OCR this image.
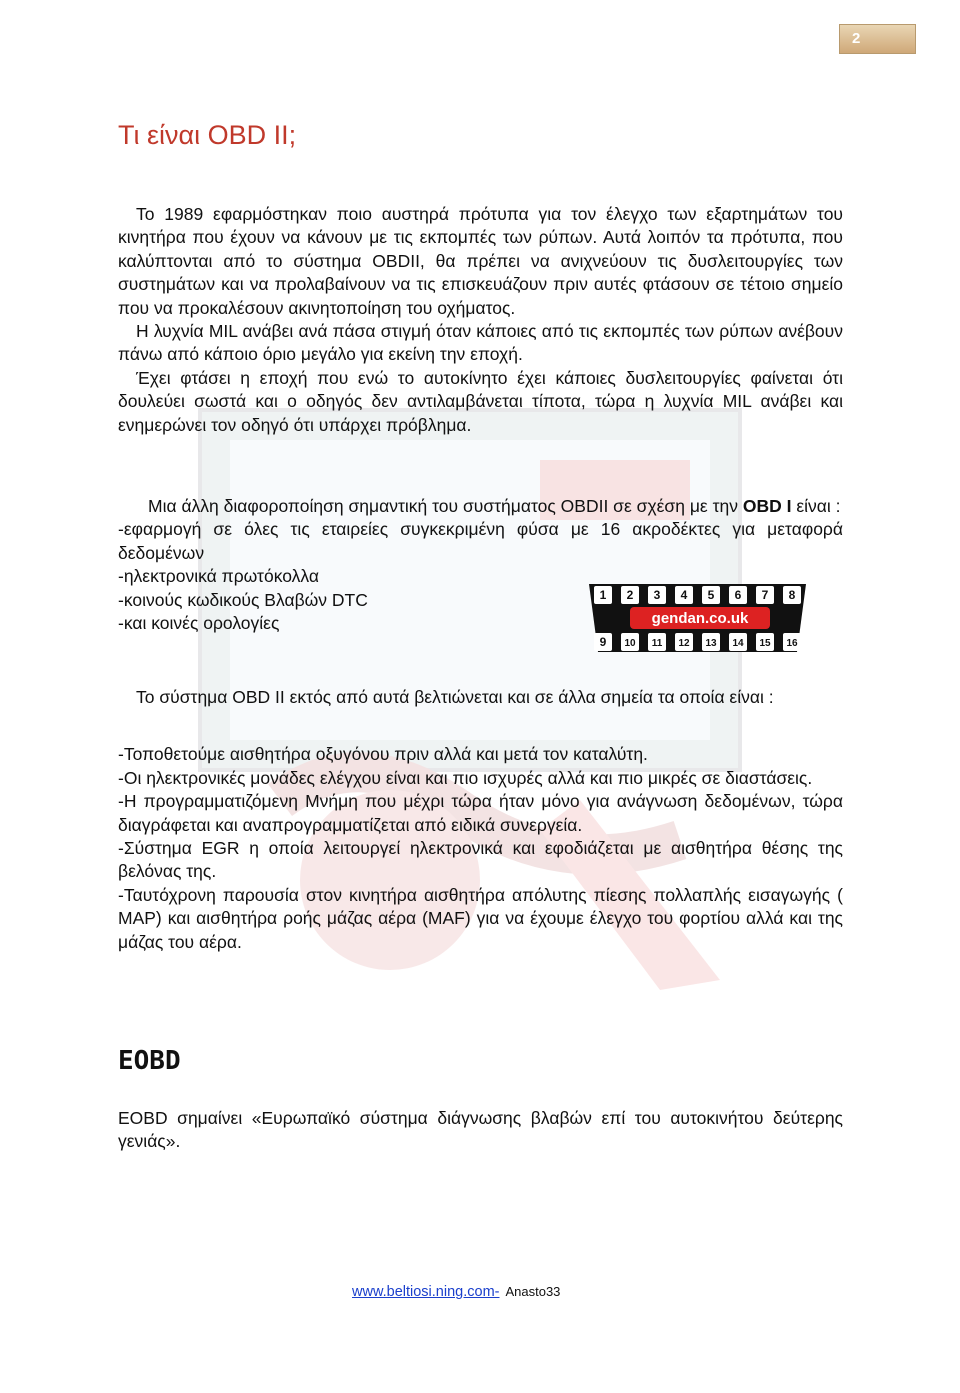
2
Τι είναι OBD II;

Το 1989 εφαρμόστηκαν ποιο αυστηρά πρότυπα για τον έλεγχο των εξαρτημάτων του κινητήρα που έχουν να κάνουν με τις εκπομπές των ρύπων. Αυτά λοιπόν τα πρότυπα, που καλύπτονται από το σύστημα OBDII, θα πρέπει να ανιχνεύουν τις δυσλειτουργίες των συστημάτων και να προλαβαίνουν να τις επισκευάζουν πριν αυτές φτάσουν σε τέτοιο σημείο που να προκαλέσουν ακινητοποίηση του οχήματος.

Η λυχνία MIL ανάβει ανά πάσα στιγμή όταν κάποιες από τις εκπομπές των ρύπων ανέβουν πάνω από κάποιο όριο μεγάλο για εκείνη την εποχή.

Έχει φτάσει η εποχή που ενώ το αυτοκίνητο έχει κάποιες δυσλειτουργίες φαίνεται ότι δουλεύει σωστά και ο οδηγός δεν αντιλαμβάνεται τίποτα, τώρα η λυχνία MIL ανάβει και ενημερώνει τον οδηγό ότι υπάρχει πρόβλημα.

Μια άλλη διαφοροποίηση σημαντική του συστήματος OBDII σε σχέση με την OBD I είναι :

-εφαρμογή σε όλες τις εταιρείες συγκεκριμένη φύσα με 16 ακροδέκτες για μεταφορά δεδομένων

-ηλεκτρονικά πρωτόκολλα

-κοινούς κωδικούς Βλαβών DTC

-και κοινές ορολογίες

1 2 3 4 5 6 7 8
9 10 11 12 13 14 15 16
gendan.co.uk

Το σύστημα OBD II εκτός από αυτά βελτιώνεται και σε άλλα σημεία τα οποία είναι :

-Τοποθετούμε αισθητήρα οξυγόνου πριν αλλά και μετά τον καταλύτη.

-Οι ηλεκτρονικές μονάδες ελέγχου είναι και πιο ισχυρές αλλά και πιο μικρές σε διαστάσεις.

-Η προγραμματιζόμενη Μνήμη που μέχρι τώρα ήταν μόνο για ανάγνωση δεδομένων, τώρα διαγράφεται και αναπρογραμματίζεται από ειδικά συνεργεία.

-Σύστημα EGR η οποία λειτουργεί ηλεκτρονικά και εφοδιάζεται με αισθητήρα θέσης της βελόνας της.

-Ταυτόχρονη παρουσία στον κινητήρα αισθητήρα απόλυτης πίεσης πολλαπλής εισαγωγής ( MAP) και αισθητήρα ροής μάζας αέρα (MAF) για να έχουμε έλεγχο του φορτίου αλλά και της μάζας του αέρα.

EOBD

EOBD σημαίνει «Ευρωπαϊκό σύστημα διάγνωσης βλαβών επί του αυτοκινήτου δεύτερης γενιάς».

www.beltiosi.ning.com- Anasto33
